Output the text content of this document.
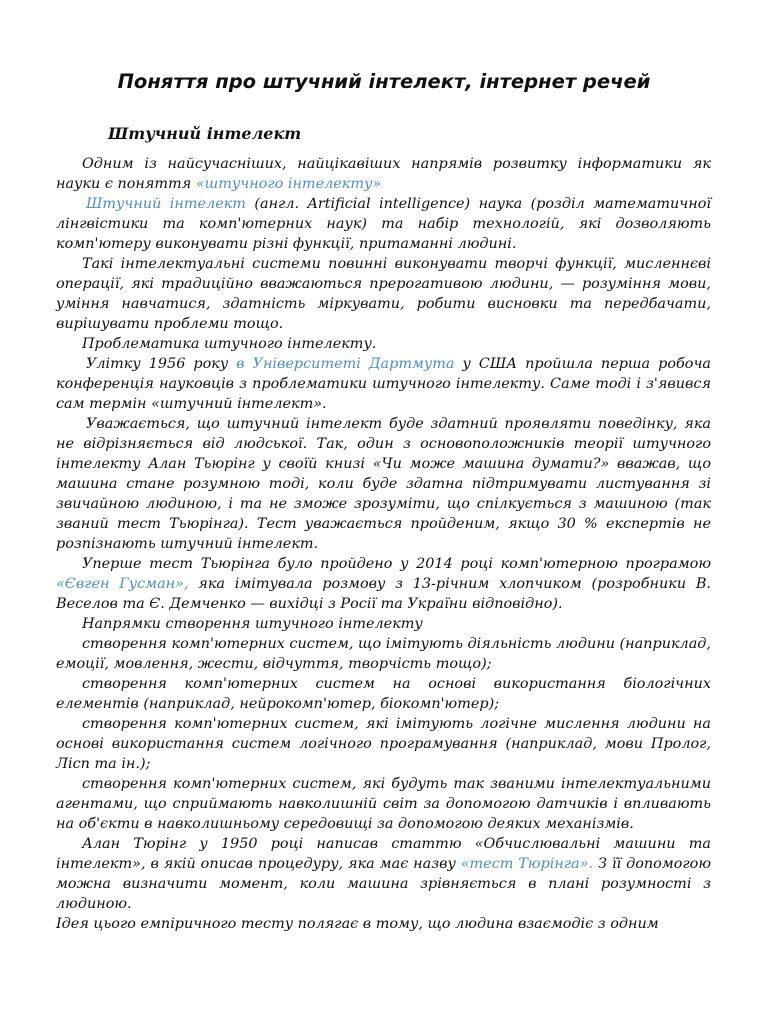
Поняття про штучний інтелект, інтернет речей
Штучний інтелект

Одним із найсучасніших, найцікавіших напрямів розвитку інформатики як науки є поняття «штучного інтелекту»

Штучний інтелект (англ. Artificial intelligence) наука (розділ математичної лінгвістики та комп'ютерних наук) та набір технологій, які дозволяють комп'ютеру виконувати різні функції, притаманні людині.

Такі інтелектуальні системи повинні виконувати творчі функції, мисленнєві операції, які традиційно вважаються прерогативою людини, — розуміння мови, уміння навчатися, здатність міркувати, робити висновки та передбачати, вирішувати проблеми тощо.

Проблематика штучного інтелекту.

Улітку 1956 року в Університеті Дартмута у США пройшла перша робоча конференція науковців з проблематики штучного інтелекту. Саме тоді і з'явився сам термін «штучний інтелект».

Уважається, що штучний інтелект буде здатний проявляти поведінку, яка не відрізняється від людської. Так, один з основоположників теорії штучного інтелекту Алан Тьюрінг у своїй книзі «Чи може машина думати?» вважав, що машина стане розумною тоді, коли буде здатна підтримувати листування зі звичайною людиною, і та не зможе зрозуміти, що спілкується з машиною (так званий тест Тьюрінга). Тест уважається пройденим, якщо 30 % експертів не розпізнають штучний інтелект.

Уперше тест Тьюрінга було пройдено у 2014 році комп'ютерною програмою «Євген Гусман», яка імітувала розмову з 13-річним хлопчиком (розробники В. Веселов та Є. Демченко — вихідці з Росії та України відповідно).

Напрямки створення штучного інтелекту

створення комп'ютерних систем, що імітують діяльність людини (наприклад, емоції, мовлення, жести, відчуття, творчість тощо);

створення комп'ютерних систем на основі використання біологічних елементів (наприклад, нейрокомп'ютер, біокомп'ютер);

створення комп'ютерних систем, які імітують логічне мислення людини на основі використання систем логічного програмування (наприклад, мови Пролог, Лісп та ін.);

створення комп'ютерних систем, які будуть так званими інтелектуальними агентами, що сприймають навколишній світ за допомогою датчиків і впливають на об'єкти в навколишньому середовищі за допомогою деяких механізмів.

Алан Тюрінг у 1950 році написав статтю «Обчислювальні машини та інтелект», в якій описав процедуру, яка має назву «тест Тюрінга». З її допомогою можна визначити момент, коли машина зрівняється в плані розумності з людиною.

Ідея цього емпіричного тесту полягає в тому, що людина взаємодіє з одним
